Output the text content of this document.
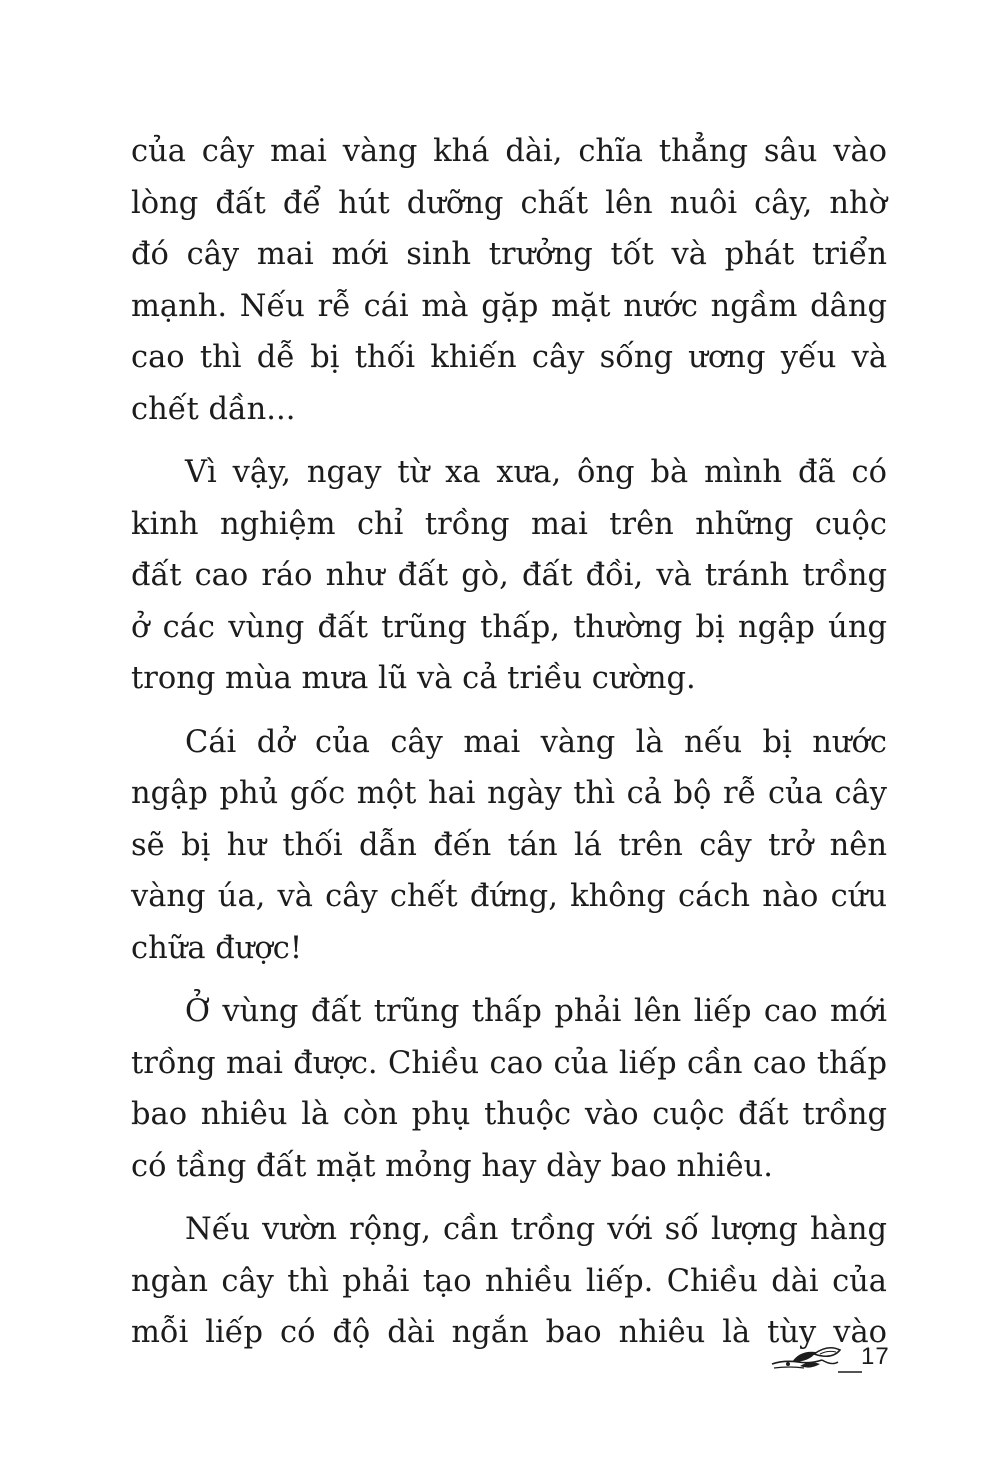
của cây mai vàng khá dài, chĩa thẳng sâu vào
lòng đất để hút dưỡng chất lên nuôi cây, nhờ
đó cây mai mới sinh trưởng tốt và phát triển
mạnh. Nếu rễ cái mà gặp mặt nước ngầm dâng
cao thì dễ bị thối khiến cây sống ương yếu và
chết dần...

Vì vậy, ngay từ xa xưa, ông bà mình đã có
kinh nghiệm chỉ trồng mai trên những cuộc
đất cao ráo như đất gò, đất đồi, và tránh trồng
ở các vùng đất trũng thấp, thường bị ngập úng
trong mùa mưa lũ và cả triều cường.

Cái dở của cây mai vàng là nếu bị nước
ngập phủ gốc một hai ngày thì cả bộ rễ của cây
sẽ bị hư thối dẫn đến tán lá trên cây trở nên
vàng úa, và cây chết đứng, không cách nào cứu
chữa được!

Ở vùng đất trũng thấp phải lên liếp cao mới
trồng mai được. Chiều cao của liếp cần cao thấp
bao nhiêu là còn phụ thuộc vào cuộc đất trồng
có tầng đất mặt mỏng hay dày bao nhiêu.

Nếu vườn rộng, cần trồng với số lượng hàng
ngàn cây thì phải tạo nhiều liếp. Chiều dài của
mỗi liếp có độ dài ngắn bao nhiêu là tùy vào

17
